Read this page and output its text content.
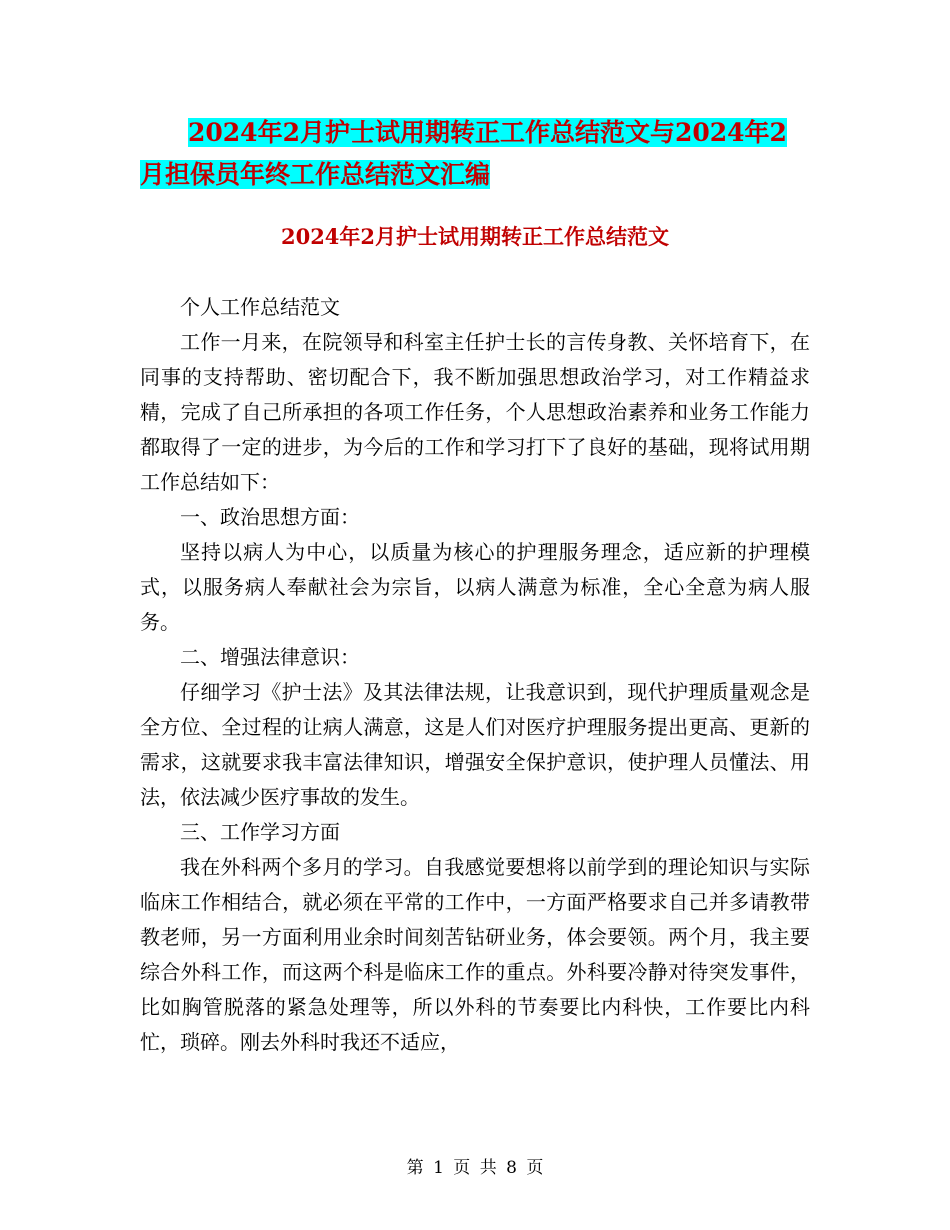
2024年2月护士试用期转正工作总结范文与2024年2
月担保员年终工作总结范文汇编
2024年2月护士试用期转正工作总结范文

个人工作总结范文

工作一月来，在院领导和科室主任护士长的言传身教、关怀培育下，在同事的支持帮助、密切配合下，我不断加强思想政治学习，对工作精益求精，完成了自己所承担的各项工作任务，个人思想政治素养和业务工作能力都取得了一定的进步，为今后的工作和学习打下了良好的基础，现将试用期工作总结如下：

一、政治思想方面：

坚持以病人为中心，以质量为核心的护理服务理念，适应新的护理模式，以服务病人奉献社会为宗旨，以病人满意为标准，全心全意为病人服务。

二、增强法律意识：

仔细学习《护士法》及其法律法规，让我意识到，现代护理质量观念是全方位、全过程的让病人满意，这是人们对医疗护理服务提出更高、更新的需求，这就要求我丰富法律知识，增强安全保护意识，使护理人员懂法、用法，依法减少医疗事故的发生。

三、工作学习方面

我在外科两个多月的学习。自我感觉要想将以前学到的理论知识与实际临床工作相结合，就必须在平常的工作中，一方面严格要求自己并多请教带教老师，另一方面利用业余时间刻苦钻研业务，体会要领。两个月，我主要综合外科工作，而这两个科是临床工作的重点。外科要冷静对待突发事件，比如胸管脱落的紧急处理等，所以外科的节奏要比内科快，工作要比内科忙，琐碎。刚去外科时我还不适应，

第 1 页 共 8 页
